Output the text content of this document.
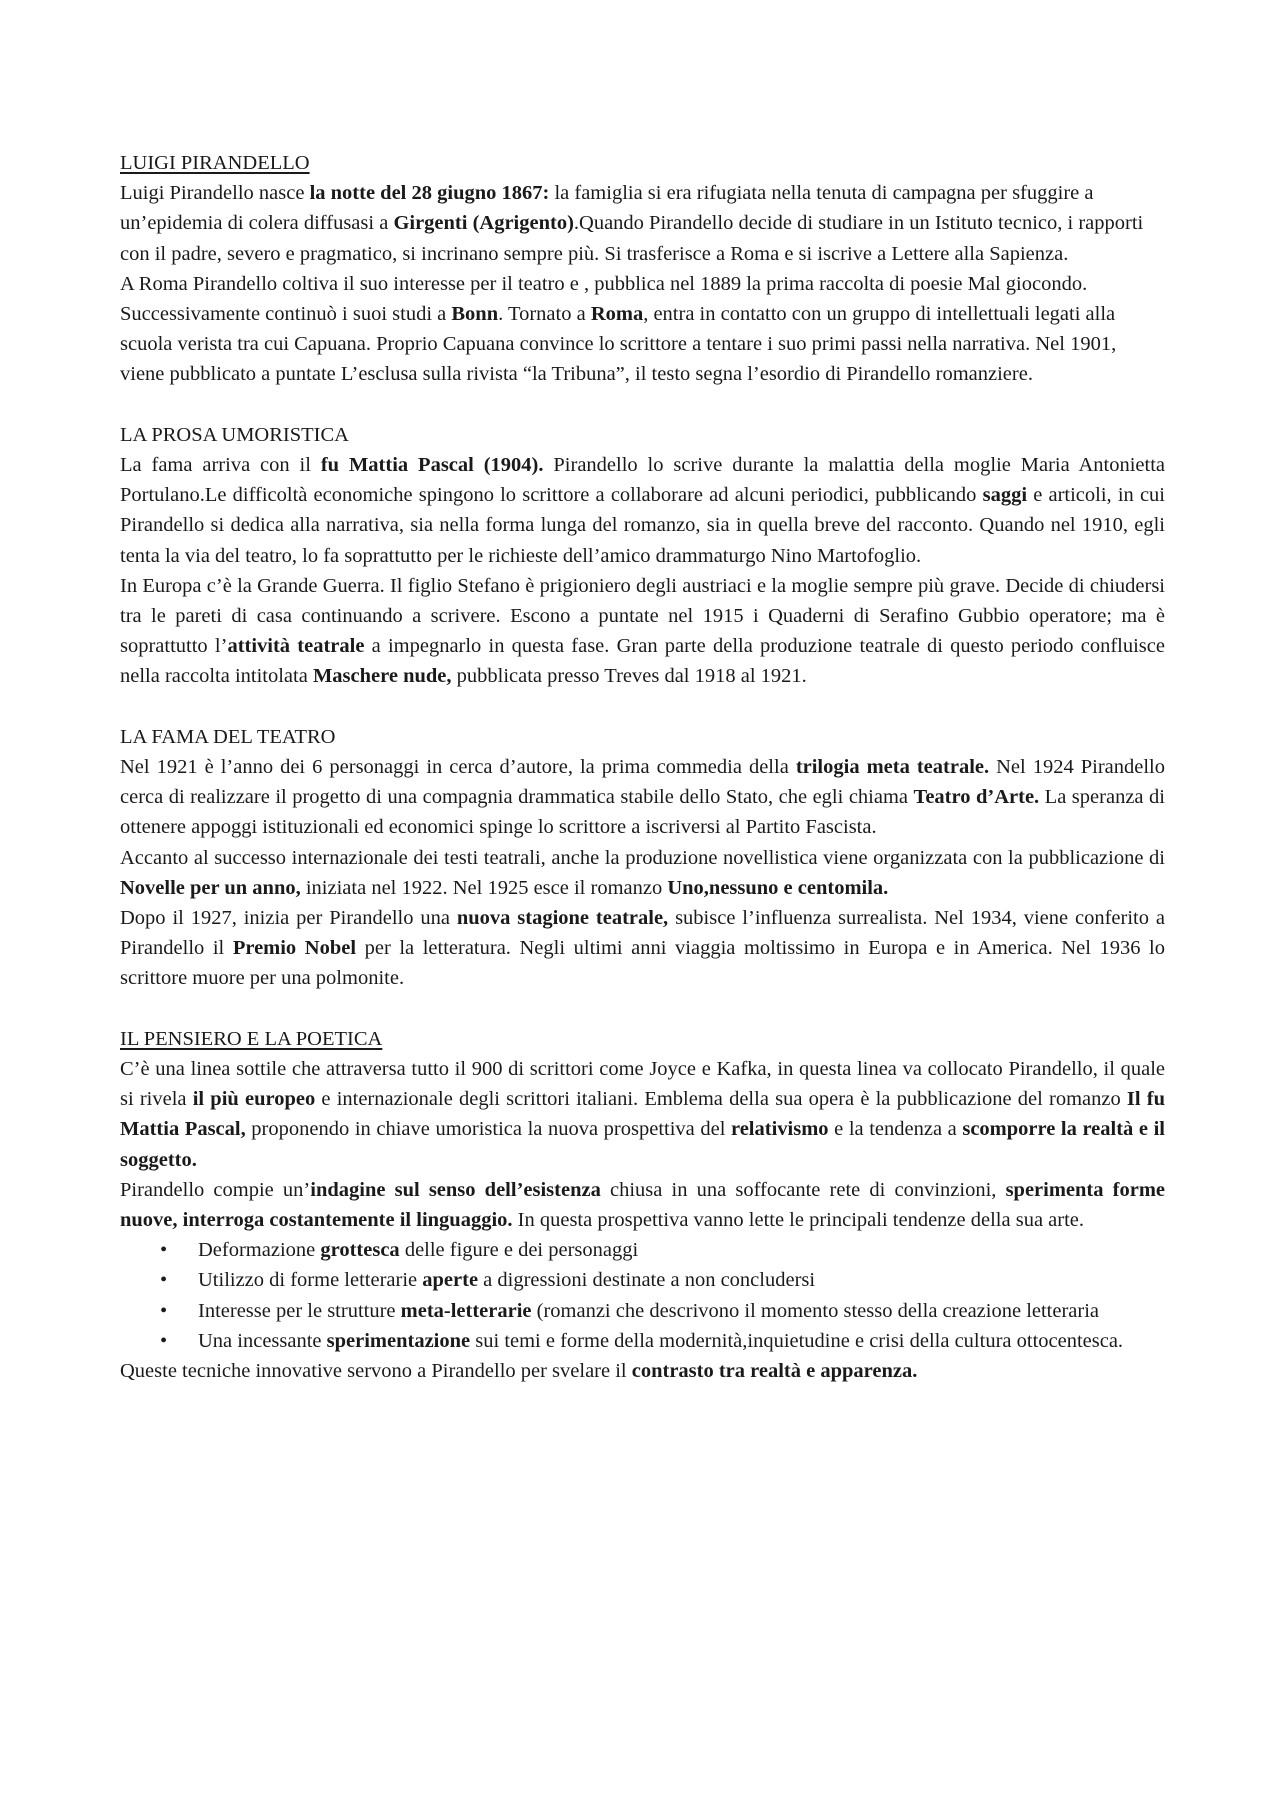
LUIGI PIRANDELLO

Luigi Pirandello nasce la notte del 28 giugno 1867: la famiglia si era rifugiata nella tenuta di campagna per sfuggire a un’epidemia di colera diffusasi a Girgenti (Agrigento).Quando Pirandello decide di studiare in un Istituto tecnico, i rapporti con il padre, severo e pragmatico, si incrinano sempre più. Si trasferisce a Roma e si iscrive a Lettere alla Sapienza.

A Roma Pirandello coltiva il suo interesse per il teatro e , pubblica nel 1889 la prima raccolta di poesie Mal giocondo. Successivamente continuò i suoi studi a Bonn. Tornato a Roma, entra in contatto con un gruppo di intellettuali legati alla scuola verista tra cui Capuana. Proprio Capuana convince lo scrittore a tentare i suo primi passi nella narrativa. Nel 1901, viene pubblicato a puntate L’esclusa sulla rivista “la Tribuna”, il testo segna l’esordio di Pirandello romanziere.

LA PROSA UMORISTICA

La fama arriva con il fu Mattia Pascal (1904). Pirandello lo scrive durante la malattia della moglie Maria Antonietta Portulano.Le difficoltà economiche spingono lo scrittore a collaborare ad alcuni periodici, pubblicando saggi e articoli, in cui Pirandello si dedica alla narrativa, sia nella forma lunga del romanzo, sia in quella breve del racconto. Quando nel 1910, egli tenta la via del teatro, lo fa soprattutto per le richieste dell’amico drammaturgo Nino Martofoglio.

In Europa c’è la Grande Guerra. Il figlio Stefano è prigioniero degli austriaci e la moglie sempre più grave. Decide di chiudersi tra le pareti di casa continuando a scrivere. Escono a puntate nel 1915 i Quaderni di Serafino Gubbio operatore; ma è soprattutto l’attività teatrale a impegnarlo in questa fase. Gran parte della produzione teatrale di questo periodo confluisce nella raccolta intitolata Maschere nude, pubblicata presso Treves dal 1918 al 1921.

LA FAMA DEL TEATRO

Nel 1921 è l’anno dei 6 personaggi in cerca d’autore, la prima commedia della trilogia meta teatrale. Nel 1924 Pirandello cerca di realizzare il progetto di una compagnia drammatica stabile dello Stato, che egli chiama Teatro d’Arte. La speranza di ottenere appoggi istituzionali ed economici spinge lo scrittore a iscriversi al Partito Fascista.

Accanto al successo internazionale dei testi teatrali, anche la produzione novellistica viene organizzata con la pubblicazione di Novelle per un anno, iniziata nel 1922. Nel 1925 esce il romanzo Uno,nessuno e centomila.

Dopo il 1927, inizia per Pirandello una nuova stagione teatrale, subisce l’influenza surrealista. Nel 1934, viene conferito a Pirandello il Premio Nobel per la letteratura. Negli ultimi anni viaggia moltissimo in Europa e in America. Nel 1936 lo scrittore muore per una polmonite.

IL PENSIERO E LA POETICA

C’è una linea sottile che attraversa tutto il 900 di scrittori come Joyce e Kafka, in questa linea va collocato Pirandello, il quale si rivela il più europeo e internazionale degli scrittori italiani. Emblema della sua opera è la pubblicazione del romanzo Il fu Mattia Pascal, proponendo in chiave umoristica la nuova prospettiva del relativismo e la tendenza a scomporre la realtà e il soggetto.

Pirandello compie un’indagine sul senso dell’esistenza chiusa in una soffocante rete di convinzioni, sperimenta forme nuove, interroga costantemente il linguaggio. In questa prospettiva vanno lette le principali tendenze della sua arte.

• Deformazione grottesca delle figure e dei personaggi
• Utilizzo di forme letterarie aperte a digressioni destinate a non concludersi
• Interesse per le strutture meta-letterarie (romanzi che descrivono il momento stesso della creazione letteraria
• Una incessante sperimentazione sui temi e forme della modernità,inquietudine e crisi della cultura ottocentesca.

Queste tecniche innovative servono a Pirandello per svelare il contrasto tra realtà e apparenza.
